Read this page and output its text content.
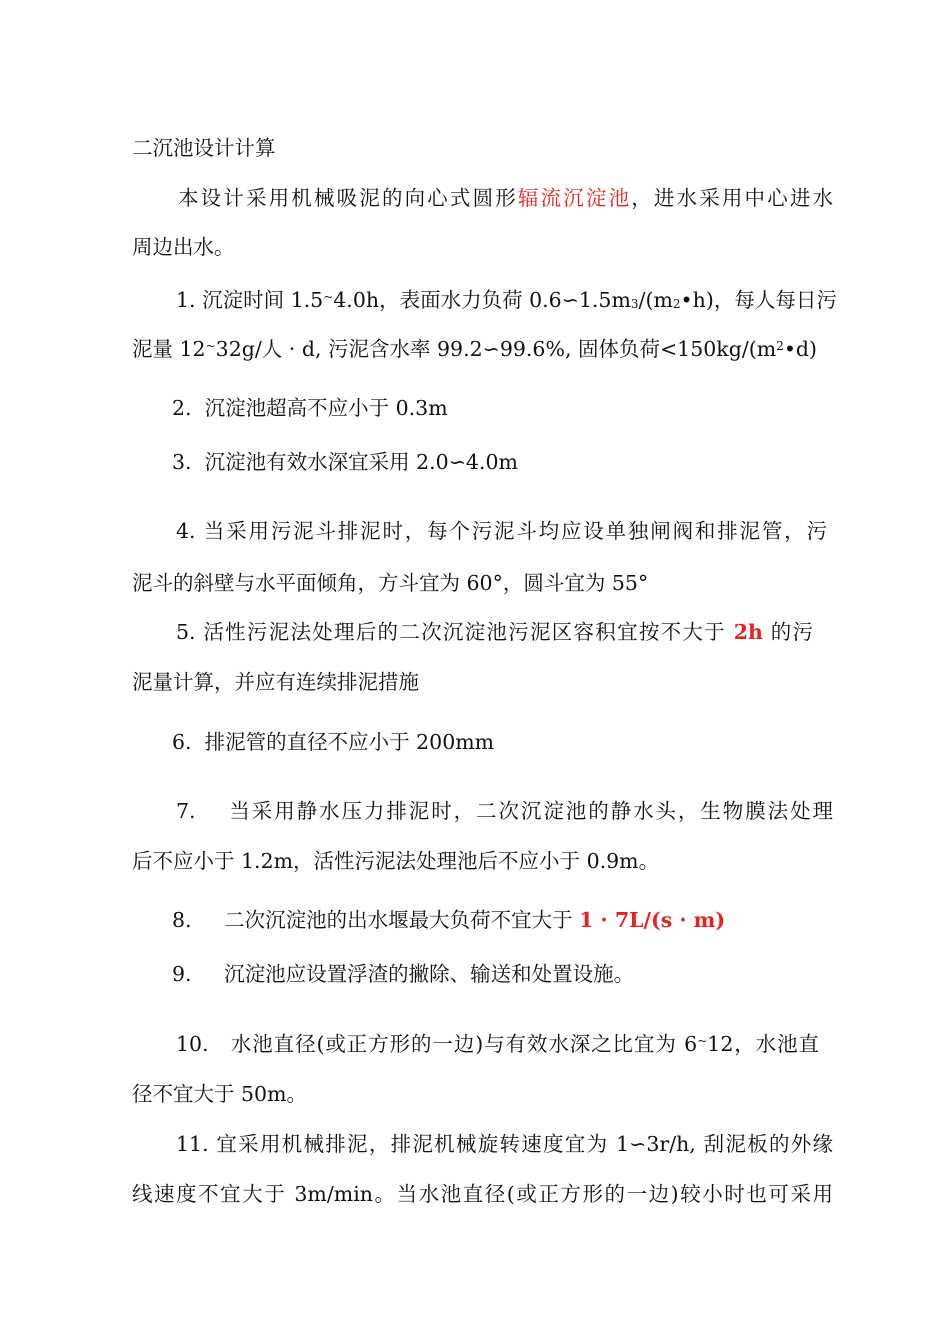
二沉池设计计算
本设计采用机械吸泥的向心式圆形辐流沉淀池，进水采用中心进水
周边出水。
1. 沉淀时间 1.5~4.0h，表面水力负荷 $0.6∽1.5m_3/(m_2•h)$，每人每日污
泥量 12~32g/人 · d, 污泥含水率 99.2∽99.6%, 固体负荷$<150kg/(m^2•d)$
2.  沉淀池超高不应小于 0.3m
3.  沉淀池有效水深宜采用 2.0∽4.0m
4. 当采用污泥斗排泥时，每个污泥斗均应设单独闸阀和排泥管，污
泥斗的斜壁与水平面倾角，方斗宜为 60°，圆斗宜为 55°
5. 活性污泥法处理后的二次沉淀池污泥区容积宜按不大于 2h 的污
泥量计算，并应有连续排泥措施
6.  排泥管的直径不应小于 200mm
7.    当采用静水压力排泥时，二次沉淀池的静水头，生物膜法处理
后不应小于 1.2m，活性污泥法处理池后不应小于 0.9m。
8.     二次沉淀池的出水堰最大负荷不宜大于 1 · 7L/(s · m)
9.     沉淀池应设置浮渣的撇除、输送和处置设施。
10.   水池直径(或正方形的一边)与有效水深之比宜为 6~12，水池直
径不宜大于 50m。
11. 宜采用机械排泥，排泥机械旋转速度宜为 1∽3r/h, 刮泥板的外缘
线速度不宜大于 3m/min。当水池直径(或正方形的一边)较小时也可采用
